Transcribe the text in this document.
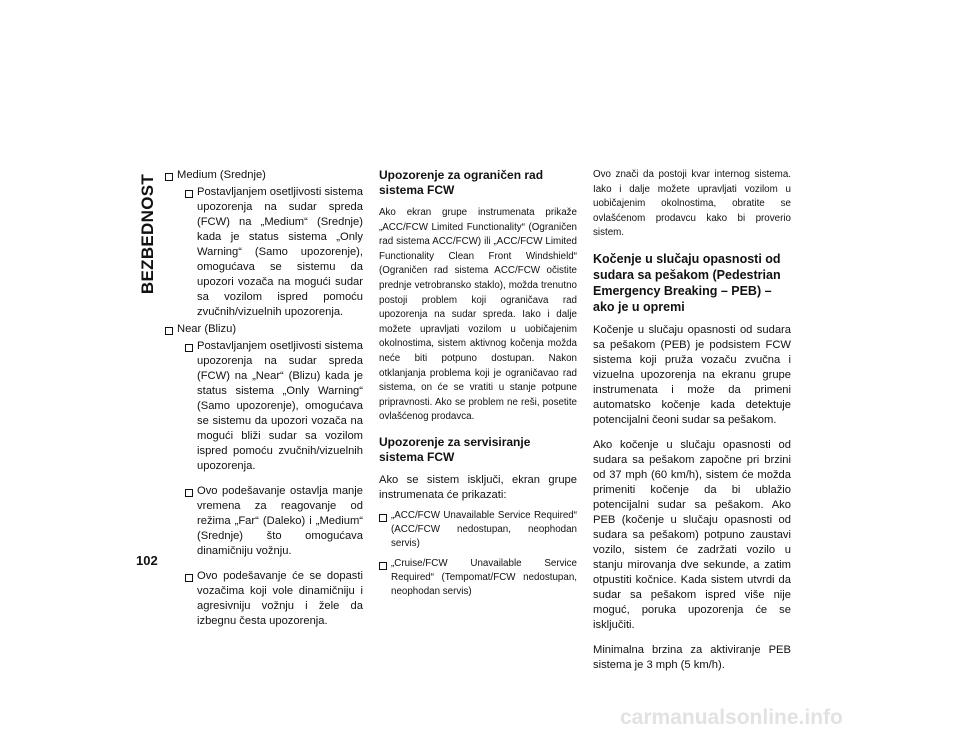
BEZBEDNOST
102
Medium (Srednje)
Postavljanjem osetljivosti sistema upozorenja na sudar spreda (FCW) na „Medium“ (Srednje) kada je status sistema „Only Warning“ (Samo upozorenje), omogućava se sistemu da upozori vozača na mogući sudar sa vozilom ispred pomoću zvučnih/vizuelnih upozorenja.
Near (Blizu)
Postavljanjem osetljivosti sistema upozorenja na sudar spreda (FCW) na „Near“ (Blizu) kada je status sistema „Only Warning“ (Samo upozorenje), omogućava se sistemu da upozori vozača na mogući bliži sudar sa vozilom ispred pomoću zvučnih/vizuelnih upozorenja.
Ovo podešavanje ostavlja manje vremena za reagovanje od režima „Far“ (Daleko) i „Medium“ (Srednje) što omogućava dinamičniju vožnju.
Ovo podešavanje će se dopasti vozačima koji vole dinamičniju i agresivniju vožnju i žele da izbegnu česta upozorenja.
Upozorenje za ograničen rad sistema FCW

Ako ekran grupe instrumenata prikaže „ACC/FCW Limited Functionality“ (Ograničen rad sistema ACC/FCW) ili „ACC/FCW Limited Functionality Clean Front Windshield“ (Ograničen rad sistema ACC/FCW očistite prednje vetrobransko staklo), možda trenutno postoji problem koji ograničava rad upozorenja na sudar spreda. Iako i dalje možete upravljati vozilom u uobičajenim okolnostima, sistem aktivnog kočenja možda neće biti potpuno dostupan. Nakon otklanjanja problema koji je ograničavao rad sistema, on će se vratiti u stanje potpune pripravnosti. Ako se problem ne reši, posetite ovlašćenog prodavca.

Upozorenje za servisiranje sistema FCW

Ako se sistem isključi, ekran grupe instrumenata će prikazati:

„ACC/FCW Unavailable Service Required“ (ACC/FCW nedostupan, neophodan servis)
„Cruise/FCW Unavailable Service Required“ (Tempomat/FCW nedostupan, neophodan servis)

Ovo znači da postoji kvar internog sistema. Iako i dalje možete upravljati vozilom u uobičajenim okolnostima, obratite se ovlašćenom prodavcu kako bi proverio sistem.

Kočenje u slučaju opasnosti od sudara sa pešakom (Pedestrian Emergency Breaking – PEB) – ako je u opremi

Kočenje u slučaju opasnosti od sudara sa pešakom (PEB) je podsistem FCW sistema koji pruža vozaču zvučna i vizuelna upozorenja na ekranu grupe instrumenata i može da primeni automatsko kočenje kada detektuje potencijalni čeoni sudar sa pešakom.

Ako kočenje u slučaju opasnosti od sudara sa pešakom započne pri brzini od 37 mph (60 km/h), sistem će možda primeniti kočenje da bi ublažio potencijalni sudar sa pešakom. Ako PEB (kočenje u slučaju opasnosti od sudara sa pešakom) potpuno zaustavi vozilo, sistem će zadržati vozilo u stanju mirovanja dve sekunde, a zatim otpustiti kočnice. Kada sistem utvrdi da sudar sa pešakom ispred više nije moguć, poruka upozorenja će se isključiti.

Minimalna brzina za aktiviranje PEB sistema je 3 mph (5 km/h).

carmanualsonline.info
